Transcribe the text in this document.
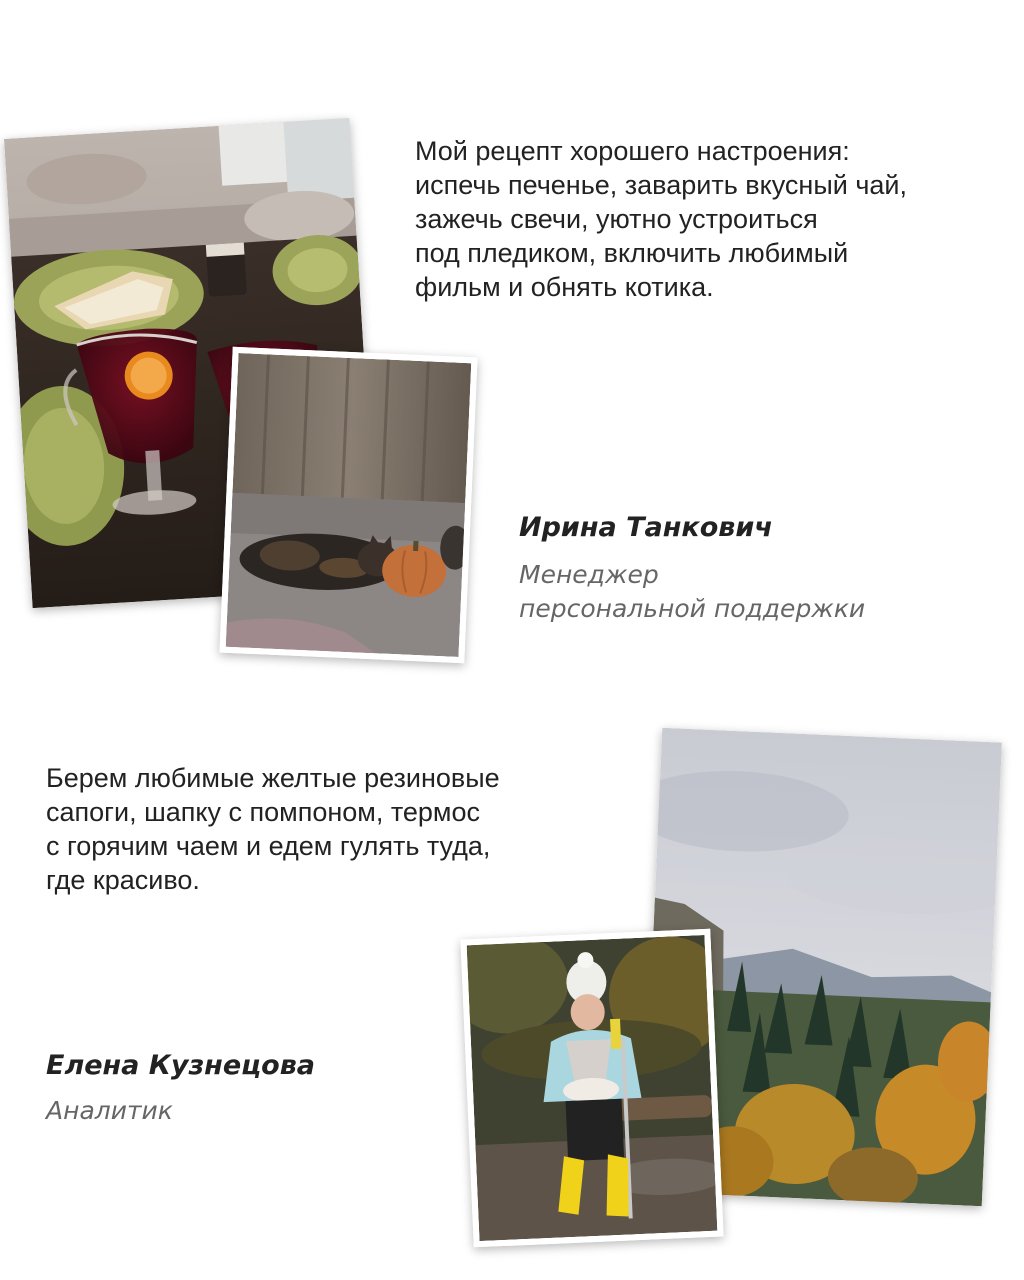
Мой рецепт хорошего настроения:
испечь печенье, заварить вкусный чай,
зажечь свечи, уютно устроиться
под пледиком, включить любимый
фильм и обнять котика.

Ирина Танкович

Менеджер
персональной поддержки

Берем любимые желтые резиновые
сапоги, шапку с помпоном, термос
с горячим чаем и едем гулять туда,
где красиво.

Елена Кузнецова

Аналитик
